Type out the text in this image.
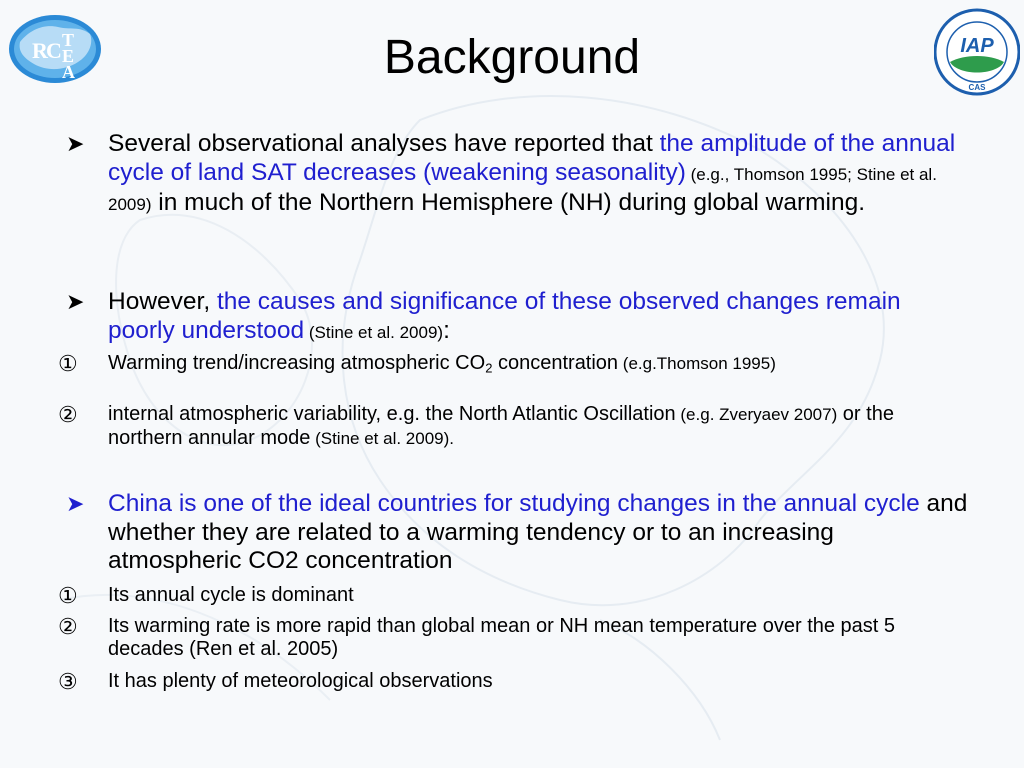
R
C T
E
A
IAP
CAS
Background
➤ Several observational analyses have reported that the amplitude of the annual cycle of land SAT decreases (weakening seasonality) (e.g., Thomson 1995; Stine et al. 2009) in much of the Northern Hemisphere (NH) during global warming.
➤ However, the causes and significance of these observed changes remain poorly understood (Stine et al. 2009):
① Warming trend/increasing atmospheric $CO_2$ concentration (e.g.Thomson 1995)
② internal atmospheric variability, e.g. the North Atlantic Oscillation (e.g. Zveryaev 2007) or the northern annular mode (Stine et al. 2009).
➤ China is one of the ideal countries for studying changes in the annual cycle and whether they are related to a warming tendency or to an increasing atmospheric CO2 concentration
① Its annual cycle is dominant
② Its warming rate is more rapid than global mean or NH mean temperature over the past 5 decades (Ren et al. 2005)
③ It has plenty of meteorological observations
